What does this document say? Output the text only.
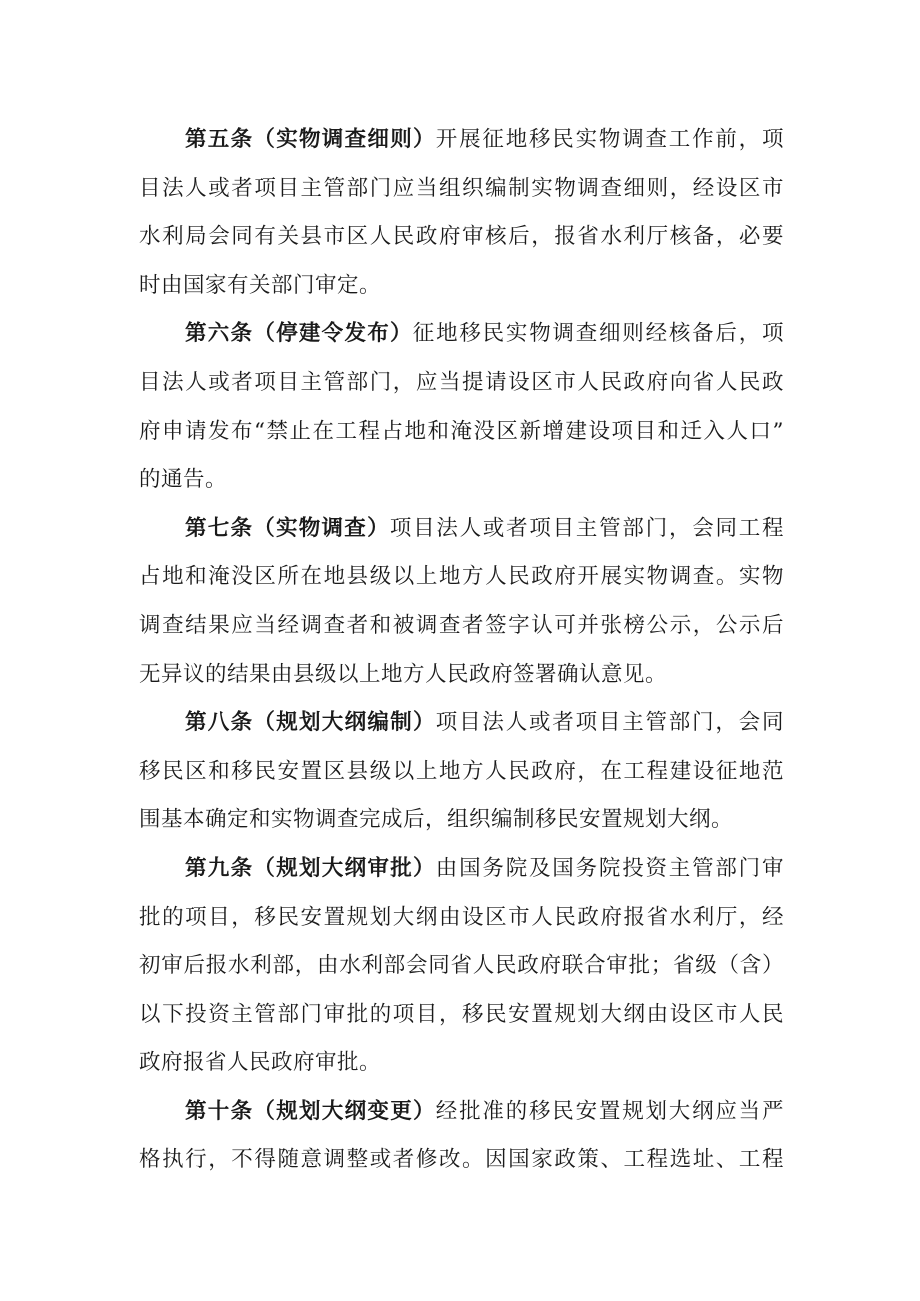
第五条（实物调查细则）开展征地移民实物调查工作前，项
目法人或者项目主管部门应当组织编制实物调查细则，经设区市
水利局会同有关县市区人民政府审核后，报省水利厅核备，必要
时由国家有关部门审定。
第六条（停建令发布）征地移民实物调查细则经核备后，项
目法人或者项目主管部门，应当提请设区市人民政府向省人民政
府申请发布“禁止在工程占地和淹没区新增建设项目和迁入人口”
的通告。
第七条（实物调查）项目法人或者项目主管部门，会同工程
占地和淹没区所在地县级以上地方人民政府开展实物调查。实物
调查结果应当经调查者和被调查者签字认可并张榜公示，公示后
无异议的结果由县级以上地方人民政府签署确认意见。
第八条（规划大纲编制）项目法人或者项目主管部门，会同
移民区和移民安置区县级以上地方人民政府，在工程建设征地范
围基本确定和实物调查完成后，组织编制移民安置规划大纲。
第九条（规划大纲审批）由国务院及国务院投资主管部门审
批的项目，移民安置规划大纲由设区市人民政府报省水利厅，经
初审后报水利部，由水利部会同省人民政府联合审批；省级（含）
以下投资主管部门审批的项目，移民安置规划大纲由设区市人民
政府报省人民政府审批。
第十条（规划大纲变更）经批准的移民安置规划大纲应当严
格执行，不得随意调整或者修改。因国家政策、工程选址、工程
